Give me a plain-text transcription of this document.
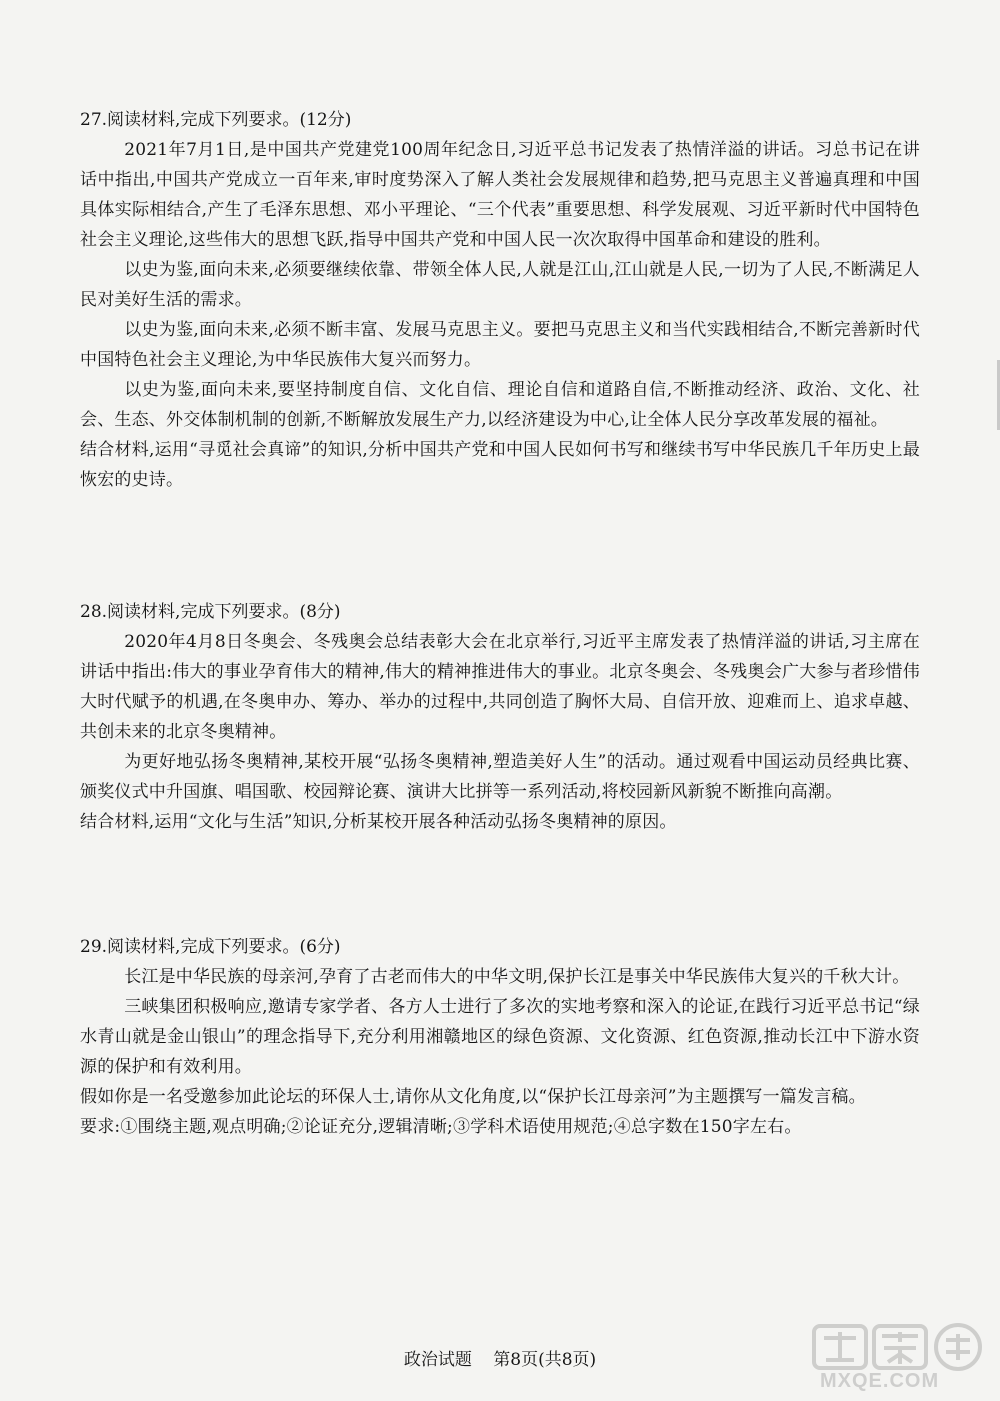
27.阅读材料,完成下列要求。(12分)

2021年7月1日,是中国共产党建党100周年纪念日,习近平总书记发表了热情洋溢的讲话。习总书记在讲话中指出,中国共产党成立一百年来,审时度势深入了解人类社会发展规律和趋势,把马克思主义普遍真理和中国具体实际相结合,产生了毛泽东思想、邓小平理论、“三个代表”重要思想、科学发展观、习近平新时代中国特色社会主义理论,这些伟大的思想飞跃,指导中国共产党和中国人民一次次取得中国革命和建设的胜利。

以史为鉴,面向未来,必须要继续依靠、带领全体人民,人就是江山,江山就是人民,一切为了人民,不断满足人民对美好生活的需求。

以史为鉴,面向未来,必须不断丰富、发展马克思主义。要把马克思主义和当代实践相结合,不断完善新时代中国特色社会主义理论,为中华民族伟大复兴而努力。

以史为鉴,面向未来,要坚持制度自信、文化自信、理论自信和道路自信,不断推动经济、政治、文化、社会、生态、外交体制机制的创新,不断解放发展生产力,以经济建设为中心,让全体人民分享改革发展的福祉。

结合材料,运用“寻觅社会真谛”的知识,分析中国共产党和中国人民如何书写和继续书写中华民族几千年历史上最恢宏的史诗。

28.阅读材料,完成下列要求。(8分)

2020年4月8日冬奥会、冬残奥会总结表彰大会在北京举行,习近平主席发表了热情洋溢的讲话,习主席在讲话中指出:伟大的事业孕育伟大的精神,伟大的精神推进伟大的事业。北京冬奥会、冬残奥会广大参与者珍惜伟大时代赋予的机遇,在冬奥申办、筹办、举办的过程中,共同创造了胸怀大局、自信开放、迎难而上、追求卓越、共创未来的北京冬奥精神。

为更好地弘扬冬奥精神,某校开展“弘扬冬奥精神,塑造美好人生”的活动。通过观看中国运动员经典比赛、颁奖仪式中升国旗、唱国歌、校园辩论赛、演讲大比拼等一系列活动,将校园新风新貌不断推向高潮。

结合材料,运用“文化与生活”知识,分析某校开展各种活动弘扬冬奥精神的原因。

29.阅读材料,完成下列要求。(6分)

长江是中华民族的母亲河,孕育了古老而伟大的中华文明,保护长江是事关中华民族伟大复兴的千秋大计。

三峡集团积极响应,邀请专家学者、各方人士进行了多次的实地考察和深入的论证,在践行习近平总书记“绿水青山就是金山银山”的理念指导下,充分利用湘赣地区的绿色资源、文化资源、红色资源,推动长江中下游水资源的保护和有效利用。

假如你是一名受邀参加此论坛的环保人士,请你从文化角度,以“保护长江母亲河”为主题撰写一篇发言稿。

要求:①围绕主题,观点明确;②论证充分,逻辑清晰;③学科术语使用规范;④总字数在150字左右。

政治试题 第8页(共8页)
MXQE.COM
